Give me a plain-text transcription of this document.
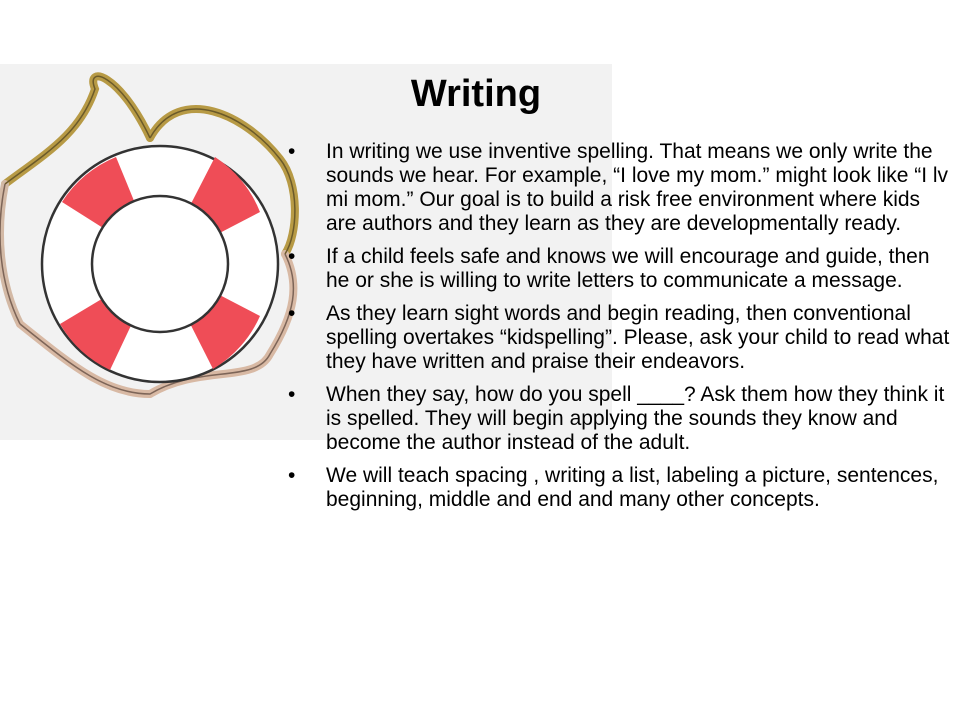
Writing
•	In writing we use inventive spelling. That means we only write the sounds we hear. For example, “I love my mom.” might look like “I lv mi mom.” Our goal is to build a risk free environment where kids are authors and they learn as they are developmentally ready.
•	If a child feels safe and knows we will encourage and guide, then he or she is willing to write letters to communicate a message.
•	As they learn sight words and begin reading, then conventional spelling overtakes “kidspelling”. Please, ask your child to read what they have written and praise their endeavors.
•	When they say, how do you spell ____? Ask them how they think it is spelled. They will begin applying the sounds they know and become the author instead of the adult.
•	We will teach spacing , writing a list, labeling a picture, sentences, beginning, middle and end and many other concepts.
